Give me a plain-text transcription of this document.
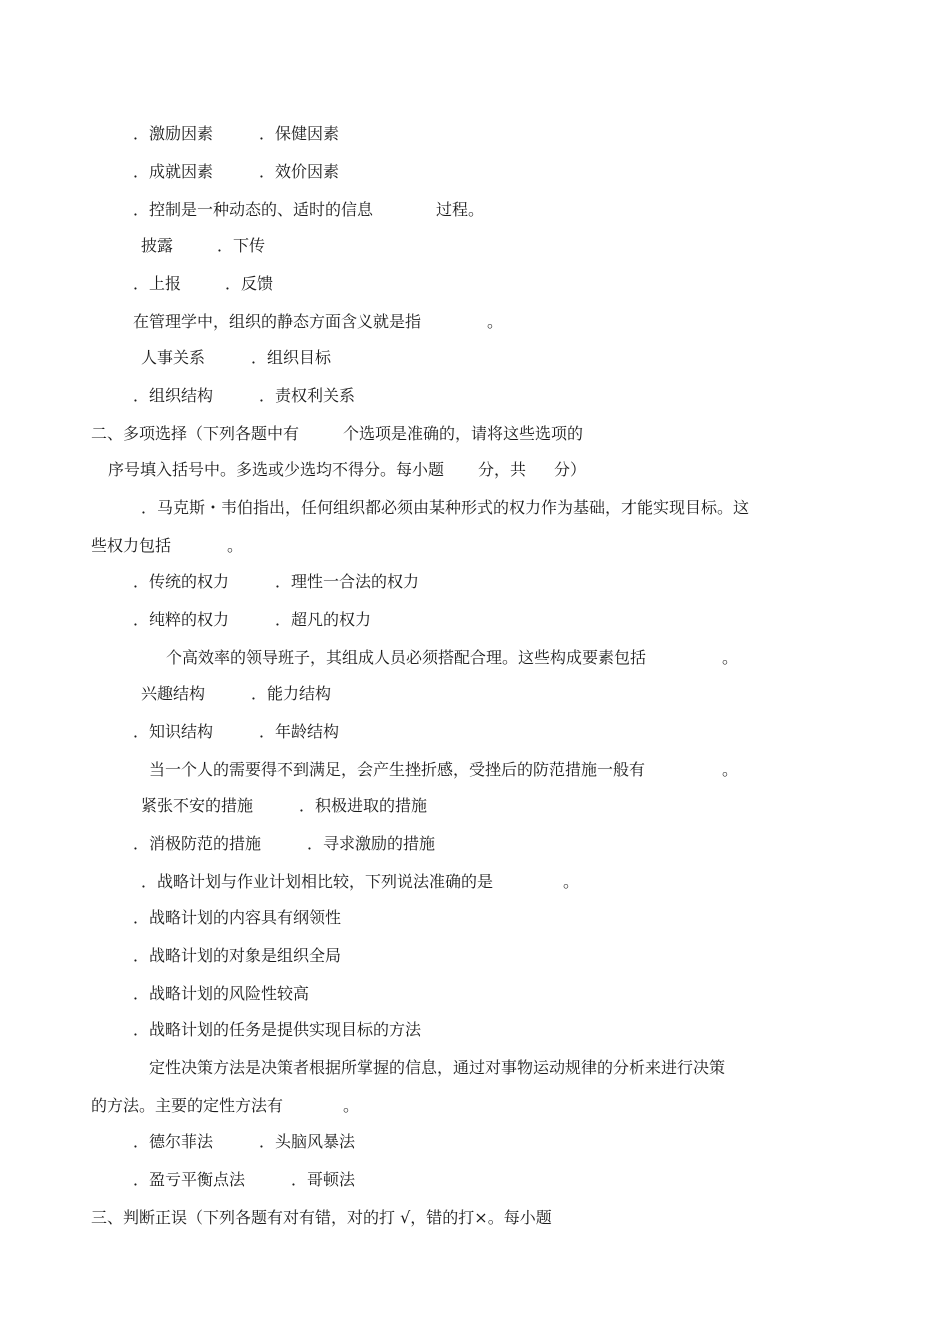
．激励因素	．保健因素
．成就因素	．效价因素
．控制是一种动态的、适时的信息	过程。
披露	．下传
．上报	．反馈
在管理学中，组织的静态方面含义就是指	。
人事关系	．组织目标
．组织结构	．责权利关系
二、多项选择（下列各题中有	个选项是准确的，请将这些选项的
序号填入括号中。多选或少选均不得分。每小题 分，共 分）
．马克斯・韦伯指出，任何组织都必须由某种形式的权力作为基础，才能实现目标。这
些权力包括	。
．传统的权力	．理性一合法的权力
．纯粹的权力	．超凡的权力
个高效率的领导班子，其组成人员必须搭配合理。这些构成要素包括	。
兴趣结构	．能力结构
．知识结构	．年龄结构
当一个人的需要得不到满足，会产生挫折感，受挫后的防范措施一般有	。
紧张不安的措施	．积极进取的措施
．消极防范的措施	．寻求激励的措施
．战略计划与作业计划相比较，下列说法准确的是	。
．战略计划的内容具有纲领性
．战略计划的对象是组织全局
．战略计划的风险性较高
．战略计划的任务是提供实现目标的方法
定性决策方法是决策者根据所掌握的信息，通过对事物运动规律的分析来进行决策
的方法。主要的定性方法有	。
．德尔菲法	．头脑风暴法
．盈亏平衡点法	．哥顿法
三、判断正误（下列各题有对有错，对的打 √，错的打×。每小题
